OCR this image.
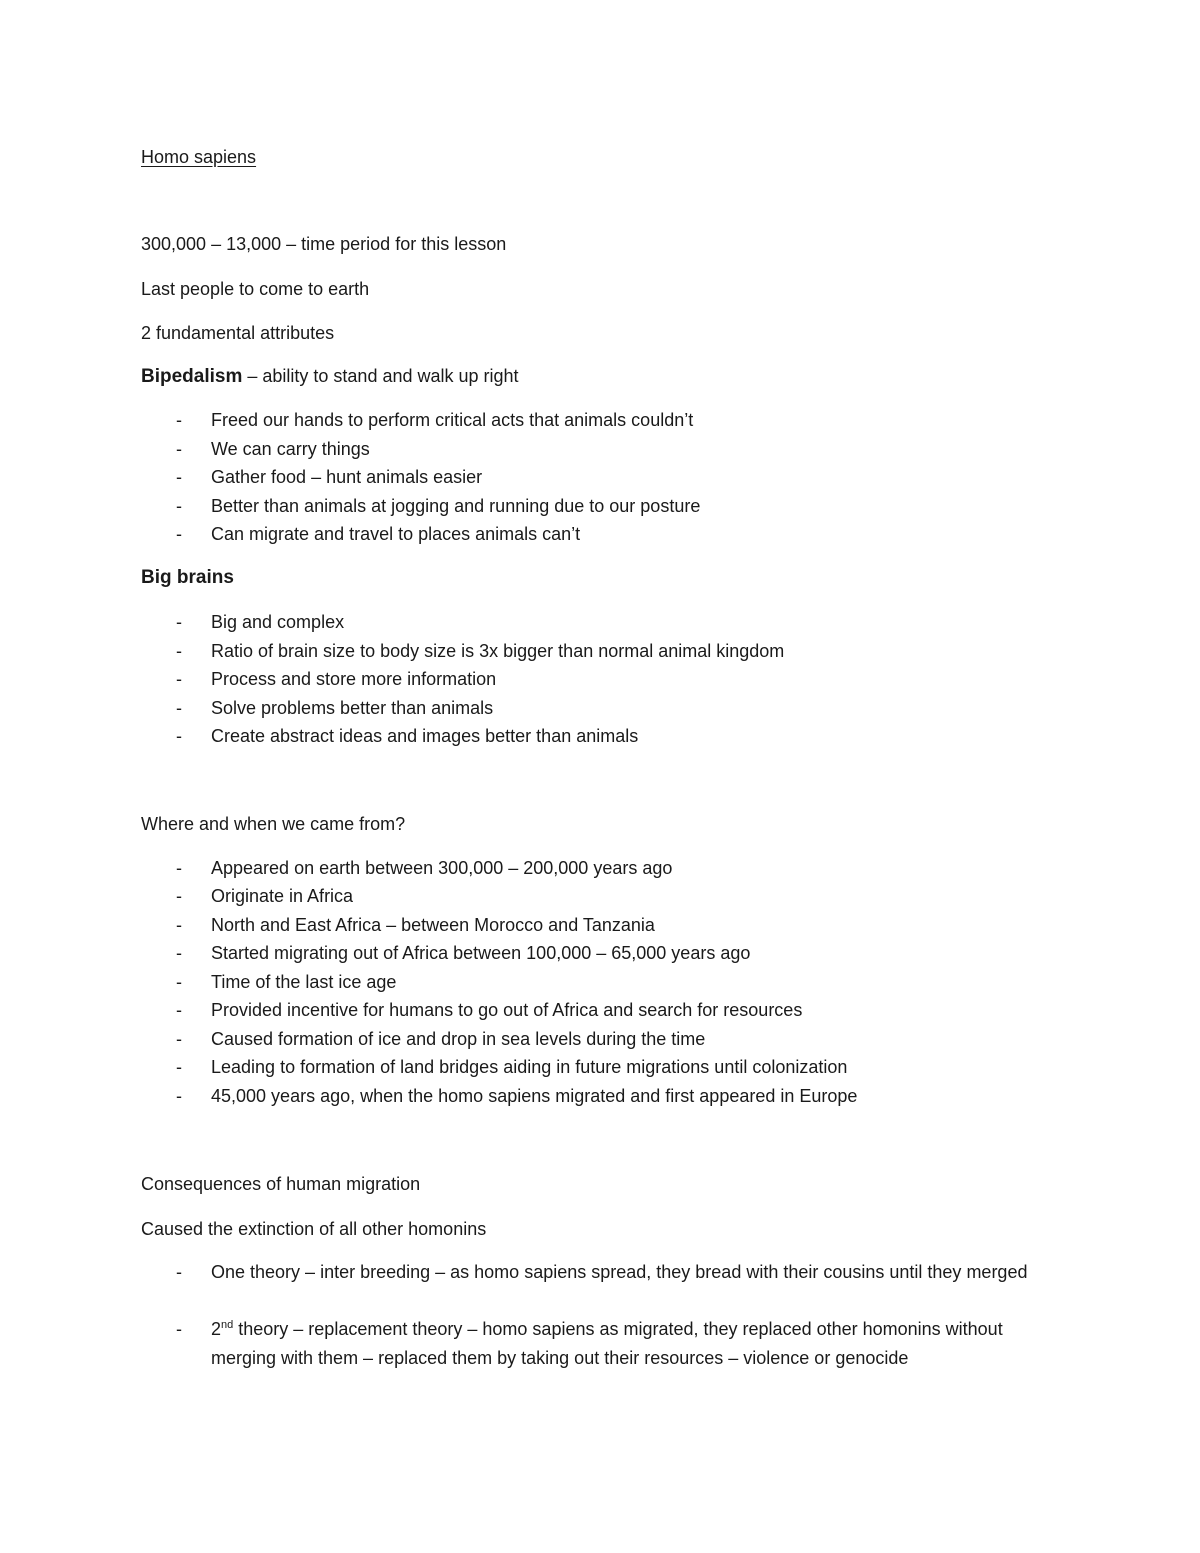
Homo sapiens
300,000 – 13,000 – time period for this lesson
Last people to come to earth
2 fundamental attributes
Bipedalism – ability to stand and walk up right
- Freed our hands to perform critical acts that animals couldn’t
- We can carry things
- Gather food – hunt animals easier
- Better than animals at jogging and running due to our posture
- Can migrate and travel to places animals can’t
Big brains
- Big and complex
- Ratio of brain size to body size is 3x bigger than normal animal kingdom
- Process and store more information
- Solve problems better than animals
- Create abstract ideas and images better than animals
Where and when we came from?
- Appeared on earth between 300,000 – 200,000 years ago
- Originate in Africa
- North and East Africa – between Morocco and Tanzania
- Started migrating out of Africa between 100,000 – 65,000 years ago
- Time of the last ice age
- Provided incentive for humans to go out of Africa and search for resources
- Caused formation of ice and drop in sea levels during the time
- Leading to formation of land bridges aiding in future migrations until colonization
- 45,000 years ago, when the homo sapiens migrated and first appeared in Europe
Consequences of human migration
Caused the extinction of all other homonins
- One theory – inter breeding – as homo sapiens spread, they bread with their cousins until they merged
- 2nd theory – replacement theory – homo sapiens as migrated, they replaced other homonins without merging with them – replaced them by taking out their resources – violence or genocide
